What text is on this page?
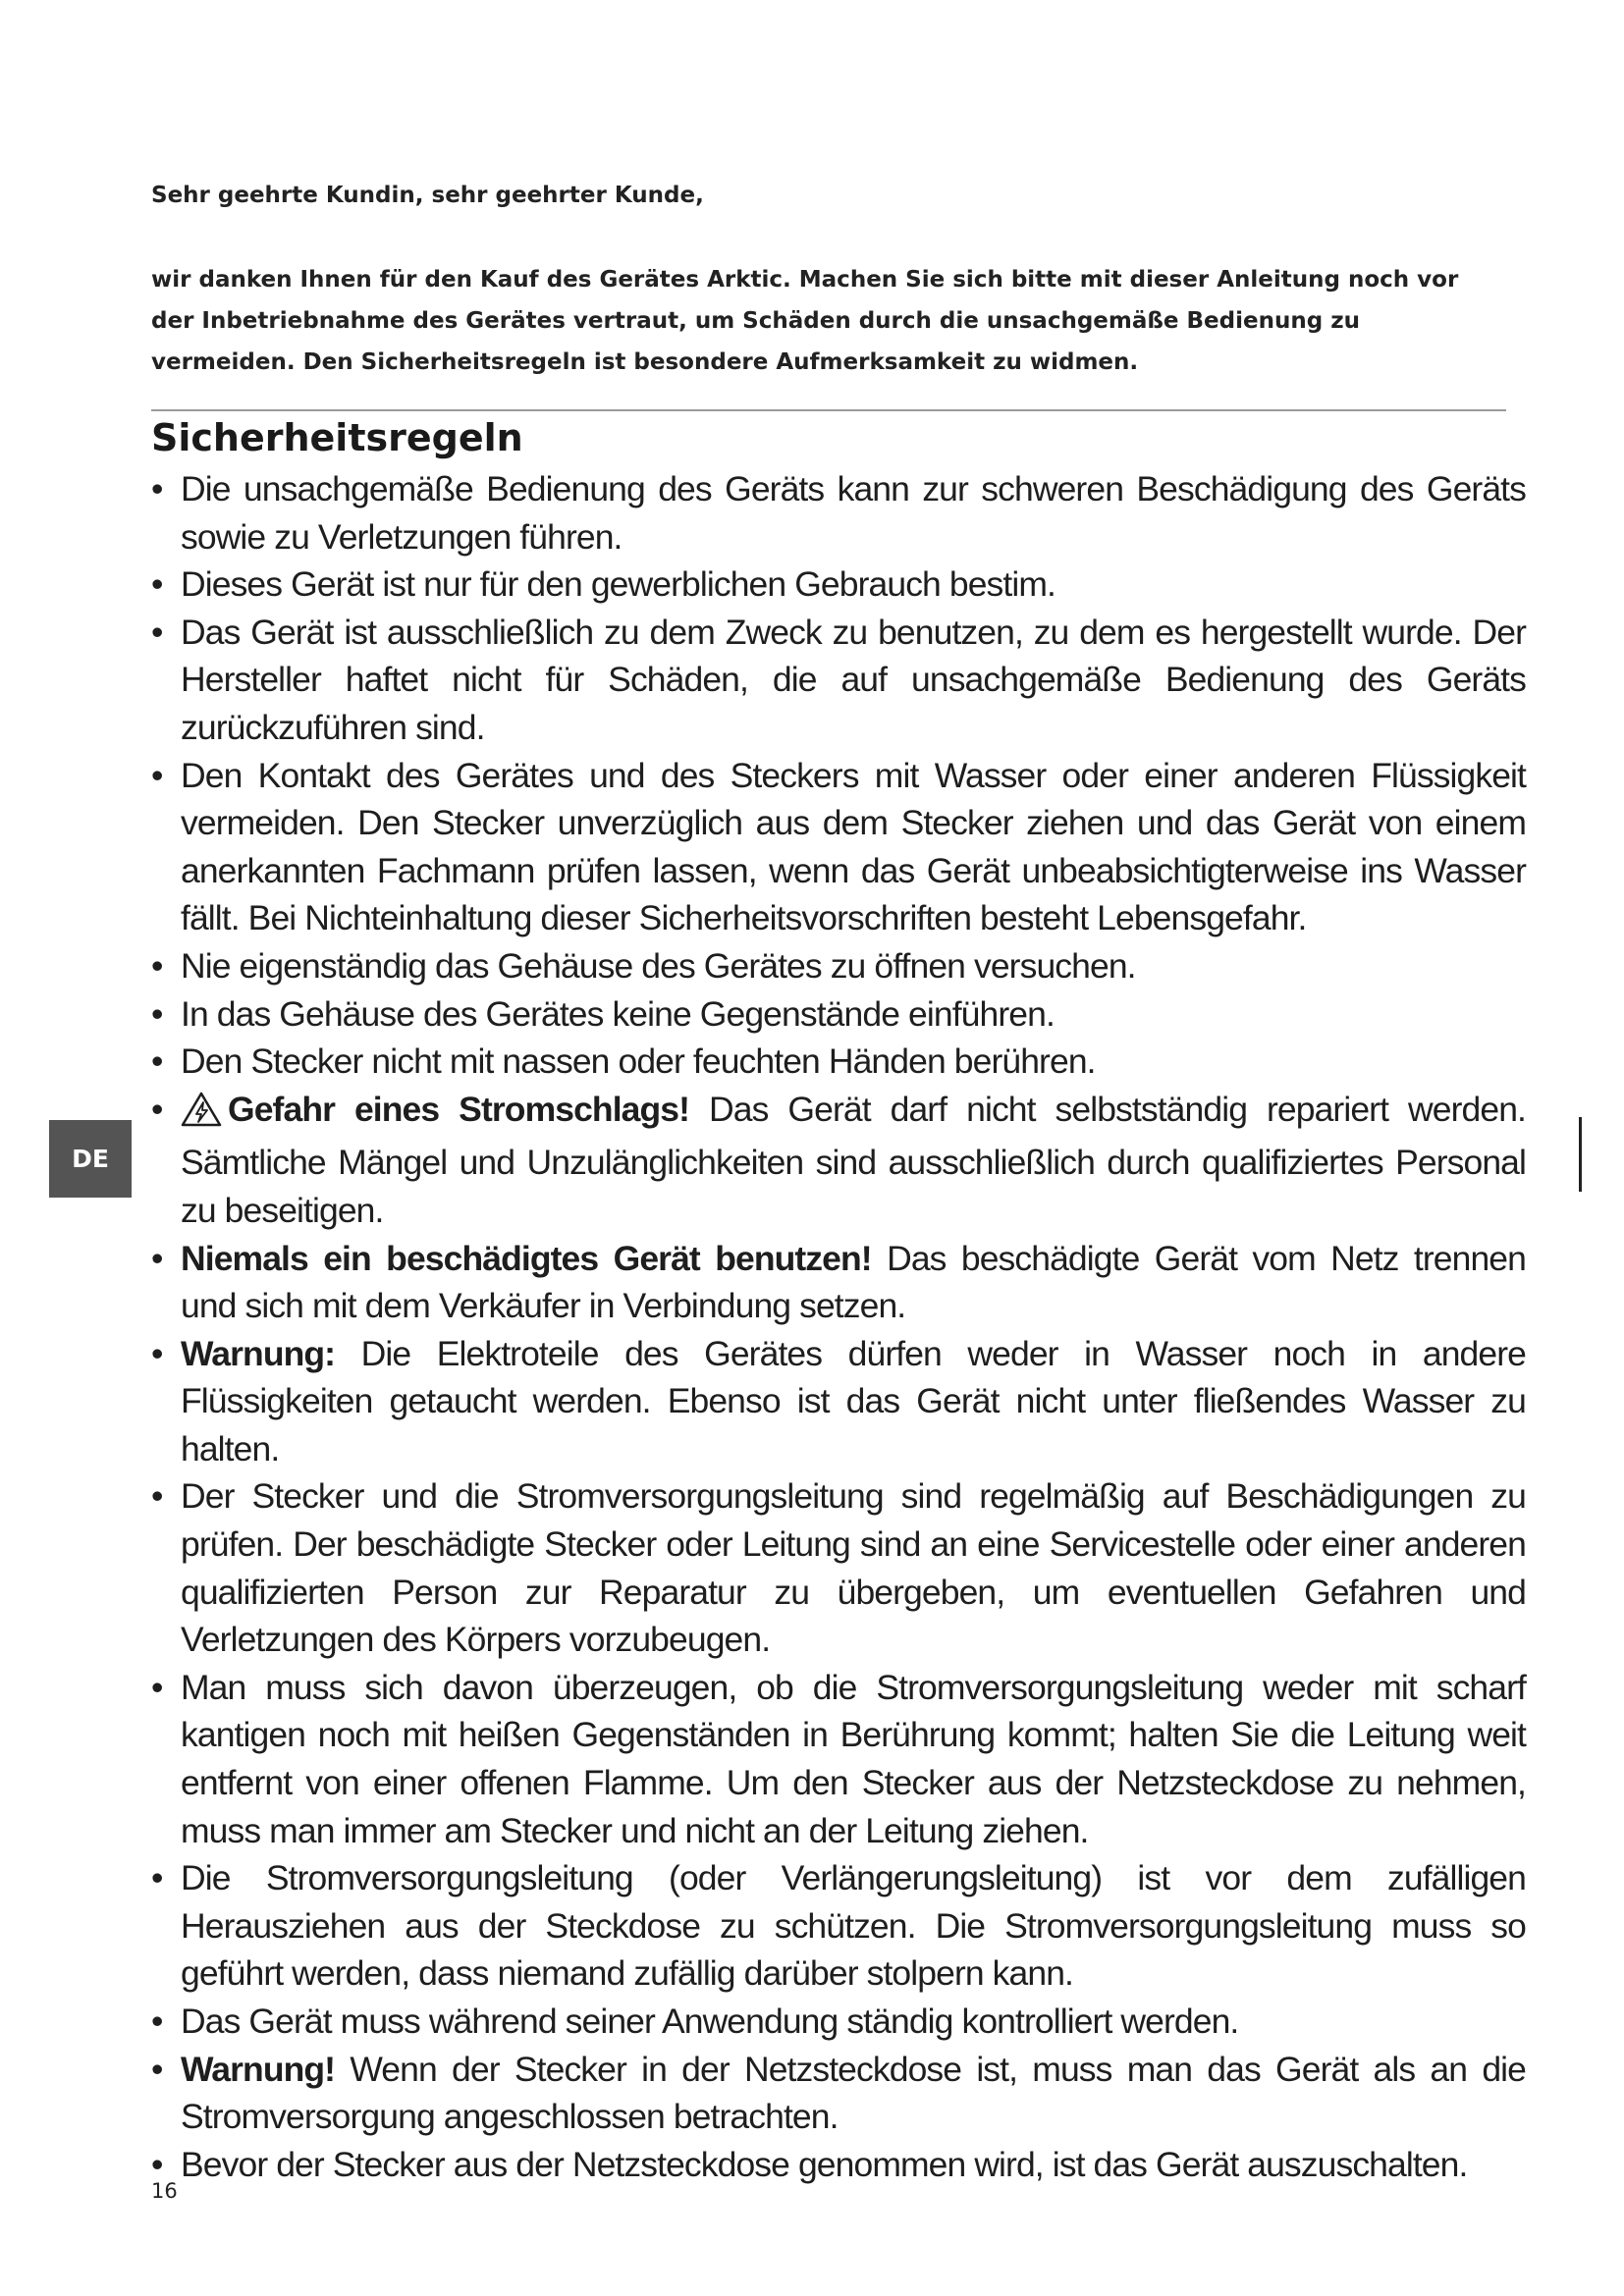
Sehr geehrte Kundin, sehr geehrter Kunde,
wir danken Ihnen für den Kauf des Gerätes Arktic. Machen Sie sich bitte mit dieser Anleitung noch vor der Inbetriebnahme des Gerätes vertraut, um Schäden durch die unsachgemäße Bedienung zu vermeiden. Den Sicherheitsregeln ist besondere Aufmerksamkeit zu widmen.
Sicherheitsregeln
• Die unsachgemäße Bedienung des Geräts kann zur schweren Beschädigung des Geräts sowie zu Verletzungen führen.
• Dieses Gerät ist nur für den gewerblichen Gebrauch bestim.
• Das Gerät ist ausschließlich zu dem Zweck zu benutzen, zu dem es hergestellt wurde. Der Hersteller haftet nicht für Schäden, die auf unsachgemäße Bedienung des Geräts zurückzuführen sind.
• Den Kontakt des Gerätes und des Steckers mit Wasser oder einer anderen Flüssigkeit vermeiden. Den Stecker unverzüglich aus dem Stecker ziehen und das Gerät von einem anerkannten Fachmann prüfen lassen, wenn das Gerät unbeabsichtigterweise ins Wasser fällt. Bei Nichteinhaltung dieser Sicherheitsvorschriften besteht Lebensgefahr.
• Nie eigenständig das Gehäuse des Gerätes zu öffnen versuchen.
• In das Gehäuse des Gerätes keine Gegenstände einführen.
• Den Stecker nicht mit nassen oder feuchten Händen berühren.
• Gefahr eines Stromschlags! Das Gerät darf nicht selbstständig repariert werden. Sämtliche Mängel und Unzulänglichkeiten sind ausschließlich durch qualifiziertes Personal zu beseitigen.
• Niemals ein beschädigtes Gerät benutzen! Das beschädigte Gerät vom Netz trennen und sich mit dem Verkäufer in Verbindung setzen.
• Warnung: Die Elektroteile des Gerätes dürfen weder in Wasser noch in andere Flüssigkeiten getaucht werden. Ebenso ist das Gerät nicht unter fließendes Wasser zu halten.
• Der Stecker und die Stromversorgungsleitung sind regelmäßig auf Beschädigungen zu prüfen. Der beschädigte Stecker oder Leitung sind an eine Servicestelle oder einer anderen qualifizierten Person zur Reparatur zu übergeben, um eventuellen Gefahren und Verletzungen des Körpers vorzubeugen.
• Man muss sich davon überzeugen, ob die Stromversorgungsleitung weder mit scharf kantigen noch mit heißen Gegenständen in Berührung kommt; halten Sie die Leitung weit entfernt von einer offenen Flamme. Um den Stecker aus der Netzsteckdose zu nehmen, muss man immer am Stecker und nicht an der Leitung ziehen.
• Die Stromversorgungsleitung (oder Verlängerungsleitung) ist vor dem zufälligen Herausziehen aus der Steckdose zu schützen. Die Stromversorgungsleitung muss so geführt werden, dass niemand zufällig darüber stolpern kann.
• Das Gerät muss während seiner Anwendung ständig kontrolliert werden.
• Warnung! Wenn der Stecker in der Netzsteckdose ist, muss man das Gerät als an die Stromversorgung angeschlossen betrachten.
• Bevor der Stecker aus der Netzsteckdose genommen wird, ist das Gerät auszuschalten.
DE
16
